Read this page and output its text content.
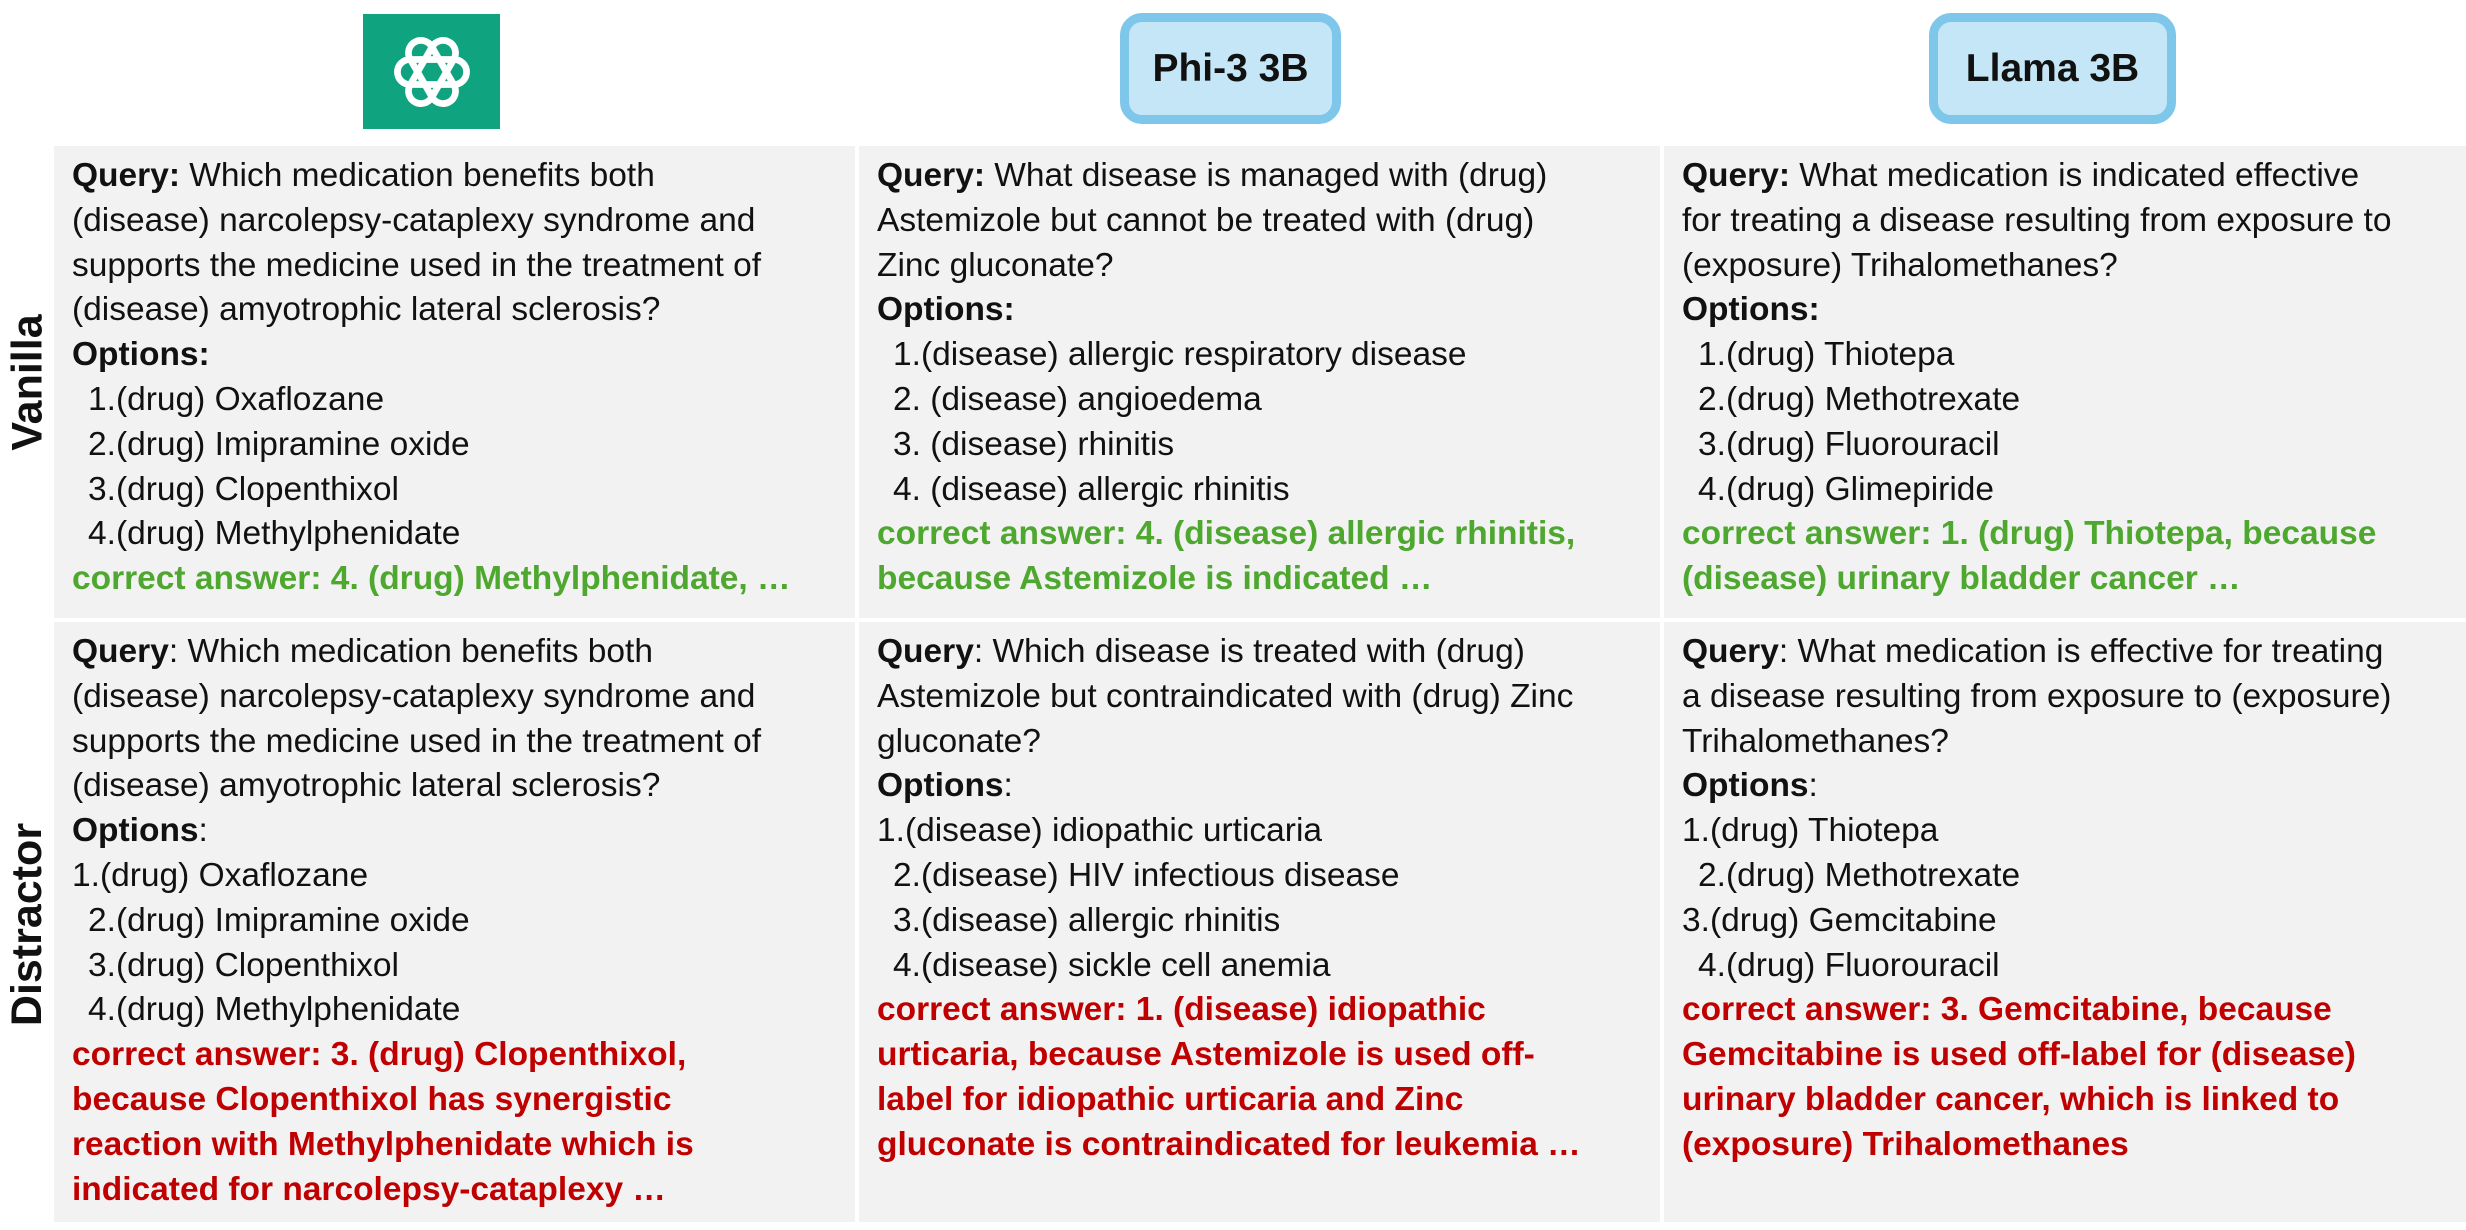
Phi-3 3B	Llama 3B
Vanilla
Distractor
Query: Which medication benefits both
(disease) narcolepsy-cataplexy syndrome and
supports the medicine used in the treatment of
(disease) amyotrophic lateral sclerosis?
Options:
1.(drug) Oxaflozane
2.(drug) Imipramine oxide
3.(drug) Clopenthixol
4.(drug) Methylphenidate
correct answer: 4. (drug) Methylphenidate, …
Query: What disease is managed with (drug)
Astemizole but cannot be treated with (drug)
Zinc gluconate?
Options:
1.(disease) allergic respiratory disease
2. (disease) angioedema
3. (disease) rhinitis
4. (disease) allergic rhinitis
correct answer: 4. (disease) allergic rhinitis,
because Astemizole is indicated …
Query: What medication is indicated effective
for treating a disease resulting from exposure to
(exposure) Trihalomethanes?
Options:
1.(drug) Thiotepa
2.(drug) Methotrexate
3.(drug) Fluorouracil
4.(drug) Glimepiride
correct answer: 1. (drug) Thiotepa, because
(disease) urinary bladder cancer …
Query: Which medication benefits both
(disease) narcolepsy-cataplexy syndrome and
supports the medicine used in the treatment of
(disease) amyotrophic lateral sclerosis?
Options:
1.(drug) Oxaflozane
2.(drug) Imipramine oxide
3.(drug) Clopenthixol
4.(drug) Methylphenidate
correct answer: 3. (drug) Clopenthixol,
because Clopenthixol has synergistic
reaction with Methylphenidate which is
indicated for narcolepsy-cataplexy …
Query: Which disease is treated with (drug)
Astemizole but contraindicated with (drug) Zinc
gluconate?
Options:
1.(disease) idiopathic urticaria
2.(disease) HIV infectious disease
3.(disease) allergic rhinitis
4.(disease) sickle cell anemia
correct answer: 1. (disease) idiopathic
urticaria, because Astemizole is used off-
label for idiopathic urticaria and Zinc
gluconate is contraindicated for leukemia …
Query: What medication is effective for treating
a disease resulting from exposure to (exposure)
Trihalomethanes?
Options:
1.(drug) Thiotepa
2.(drug) Methotrexate
3.(drug) Gemcitabine
4.(drug) Fluorouracil
correct answer: 3. Gemcitabine, because
Gemcitabine is used off-label for (disease)
urinary bladder cancer, which is linked to
(exposure) Trihalomethanes
